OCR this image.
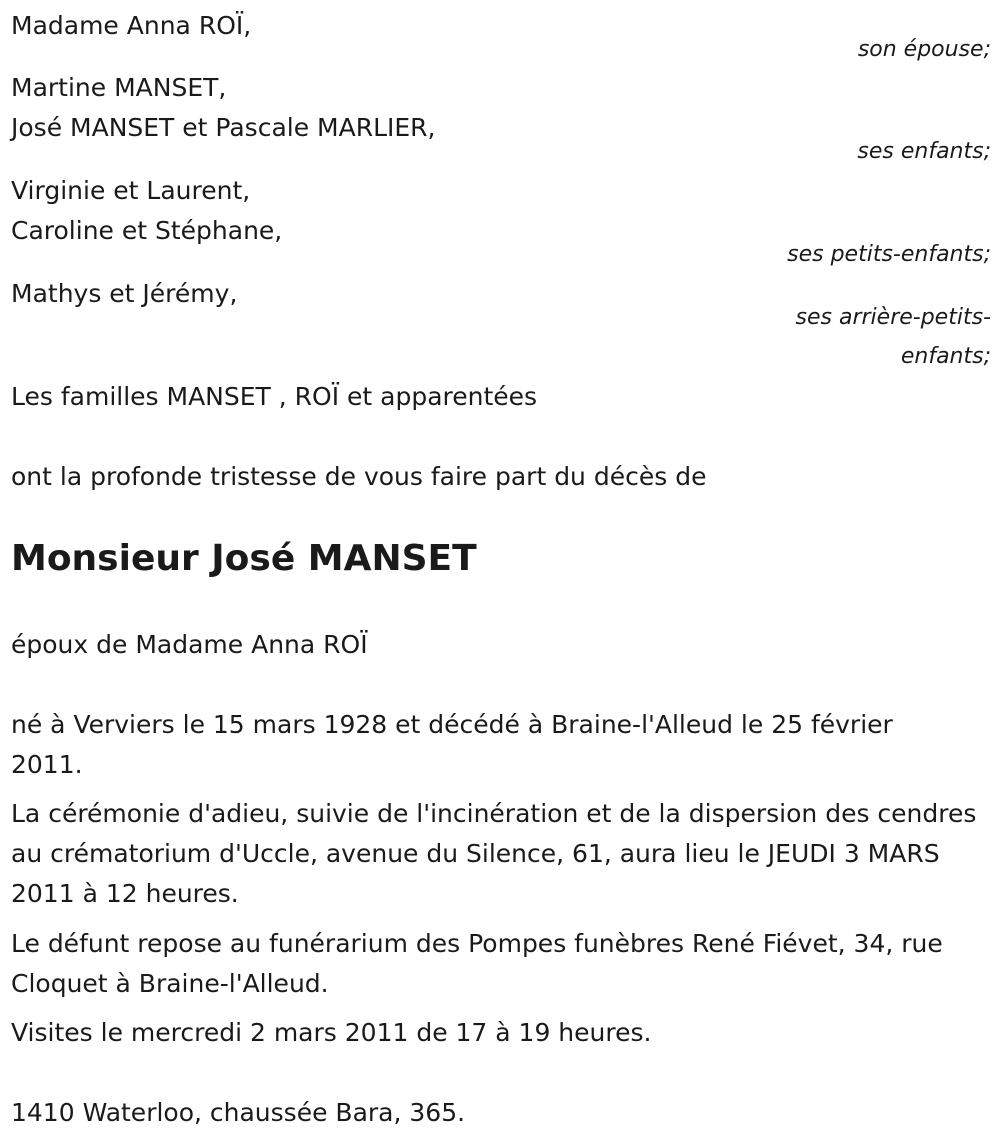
Madame Anna ROÏ,
son épouse;
Martine MANSET,
José MANSET et Pascale MARLIER,
ses enfants;
Virginie et Laurent,
Caroline et Stéphane,
ses petits-enfants;
Mathys et Jérémy,
ses arrière-petits-
enfants;
Les familles MANSET , ROÏ et apparentées
ont la profonde tristesse de vous faire part du décès de
Monsieur José MANSET
époux de Madame Anna ROÏ
né à Verviers le 15 mars 1928 et décédé à Braine-l'Alleud le 25 février 2011.
La cérémonie d'adieu, suivie de l'incinération et de la dispersion des cendres au crématorium d'Uccle, avenue du Silence, 61, aura lieu le JEUDI 3 MARS 2011 à 12 heures.
Le défunt repose au funérarium des Pompes funèbres René Fiévet, 34, rue Cloquet à Braine-l'Alleud.
Visites le mercredi 2 mars 2011 de 17 à 19 heures.
1410 Waterloo, chaussée Bara, 365.
